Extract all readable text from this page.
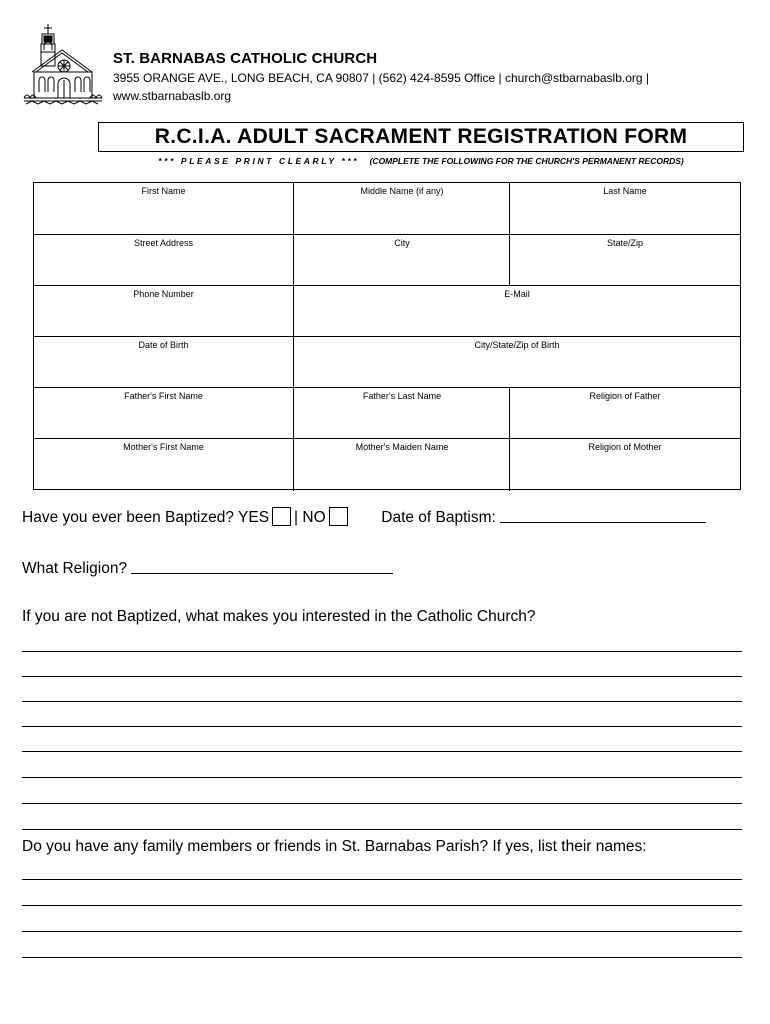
ST. BARNABAS CATHOLIC CHURCH
3955 ORANGE AVE., LONG BEACH, CA 90807 | (562) 424-8595 Office | church@stbarnabaslb.org |
www.stbarnabaslb.org
R.C.I.A. ADULT SACRAMENT REGISTRATION FORM
*** PLEASE PRINT CLEARLY *** (COMPLETE THE FOLLOWING FOR THE CHURCH'S PERMANENT RECORDS)
First Name	Middle Name (if any)	Last Name
Street Address	City	State/Zip
Phone Number	E-Mail
Date of Birth	City/State/Zip of Birth
Father's First Name	Father's Last Name	Religion of Father
Mother's First Name	Mother's Maiden Name	Religion of Mother
Have you ever been Baptized? YES | NO	Date of Baptism:
What Religion?
If you are not Baptized, what makes you interested in the Catholic Church?
Do you have any family members or friends in St. Barnabas Parish? If yes, list their names:
